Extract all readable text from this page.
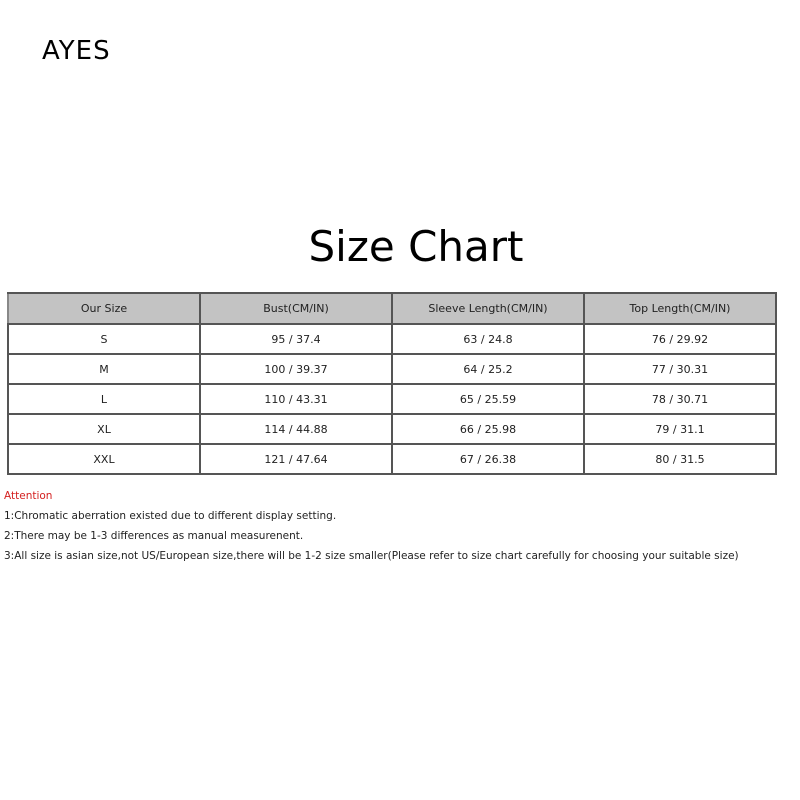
AYES
Size Chart
Our Size	Bust(CM/IN)	Sleeve Length(CM/IN)	Top Length(CM/IN)
S	95 / 37.4	63 / 24.8	76 / 29.92
M	100 / 39.37	64 / 25.2	77 / 30.31
L	110 / 43.31	65 / 25.59	78 / 30.71
XL	114 / 44.88	66 / 25.98	79 / 31.1
XXL	121 / 47.64	67 / 26.38	80 / 31.5
Attention
1:Chromatic aberration existed due to different display setting.
2:There may be 1-3 differences as manual measurenent.
3:All size is asian size,not US/European size,there will be 1-2 size smaller(Please refer to size chart carefully for choosing your suitable size)
